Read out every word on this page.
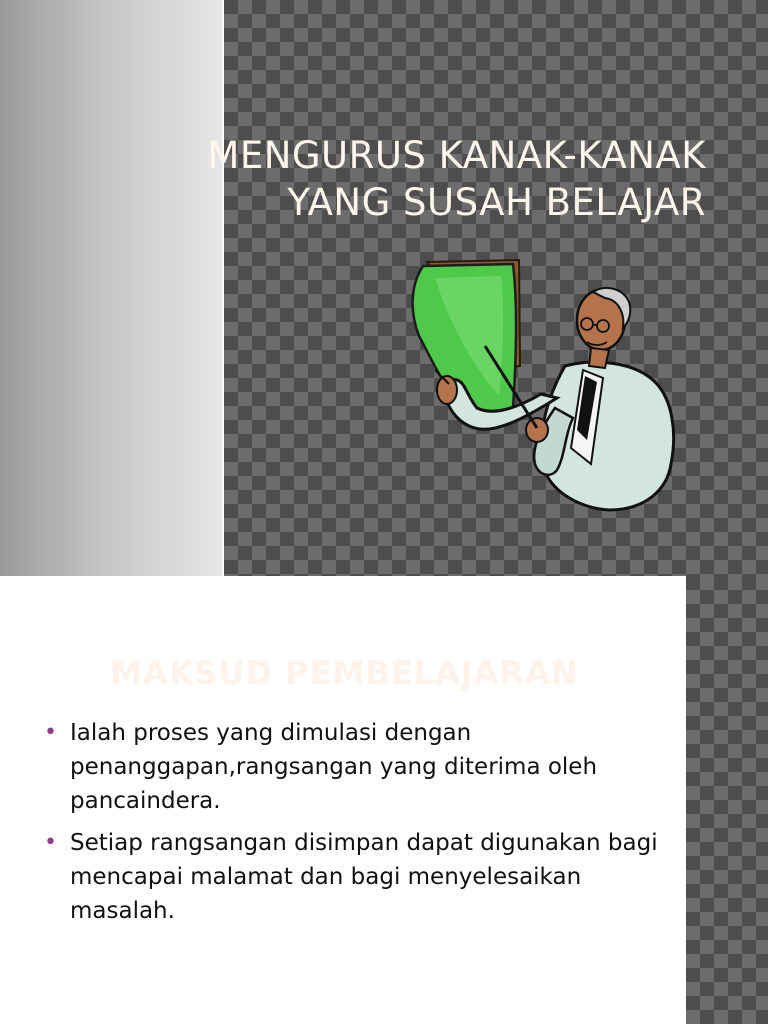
MENGURUS KANAK-KANAK
YANG SUSAH BELAJAR
MAKSUD PEMBELAJARAN
• Ialah proses yang dimulasi dengan penanggapan,rangsangan yang diterima oleh pancaindera.
• Setiap rangsangan disimpan dapat digunakan bagi mencapai malamat dan bagi menyelesaikan masalah.
